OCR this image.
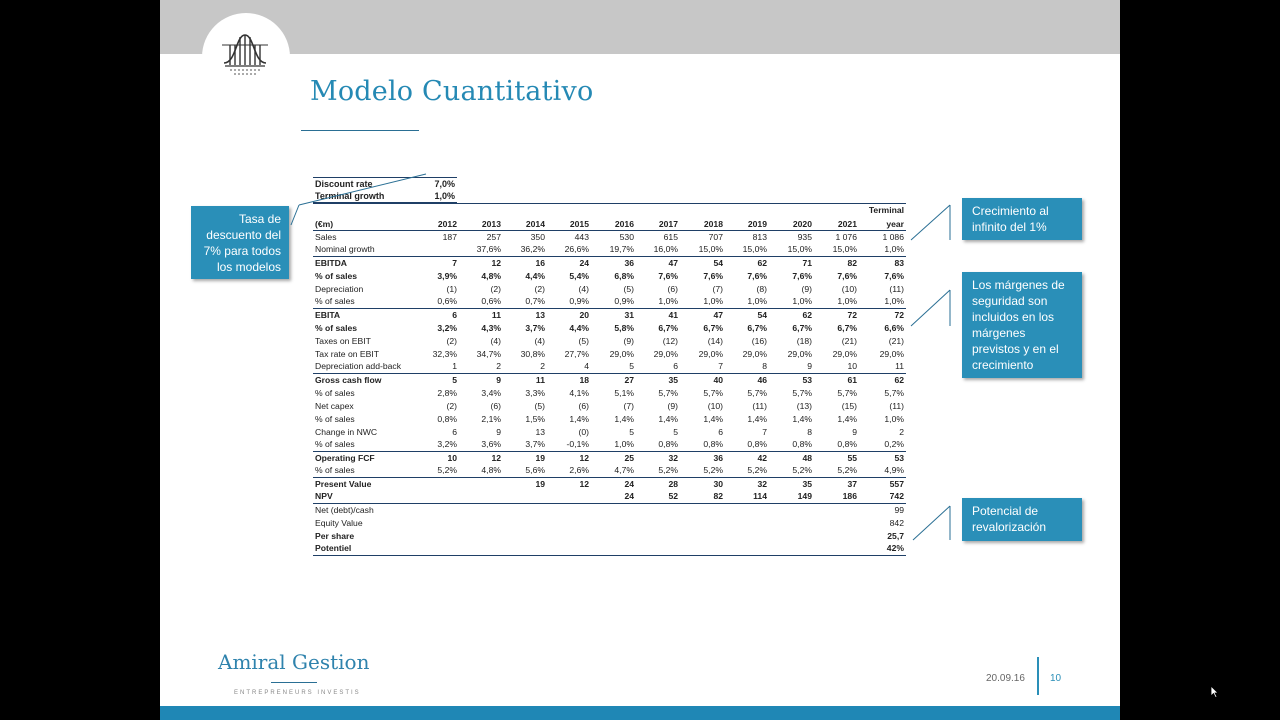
Modelo Cuantitativo
Discount rate	7,0%
Terminal growth	1,0%
											Terminal
(€m)	2012	2013	2014	2015	2016	2017	2018	2019	2020	2021	year
Sales	187	257	350	443	530	615	707	813	935	1 076	1 086
Nominal growth		37,6%	36,2%	26,6%	19,7%	16,0%	15,0%	15,0%	15,0%	15,0%	1,0%
EBITDA	7	12	16	24	36	47	54	62	71	82	83
% of sales	3,9%	4,8%	4,4%	5,4%	6,8%	7,6%	7,6%	7,6%	7,6%	7,6%	7,6%
Depreciation	(1)	(2)	(2)	(4)	(5)	(6)	(7)	(8)	(9)	(10)	(11)
% of sales	0,6%	0,6%	0,7%	0,9%	0,9%	1,0%	1,0%	1,0%	1,0%	1,0%	1,0%
EBITA	6	11	13	20	31	41	47	54	62	72	72
% of sales	3,2%	4,3%	3,7%	4,4%	5,8%	6,7%	6,7%	6,7%	6,7%	6,7%	6,6%
Taxes on EBIT	(2)	(4)	(4)	(5)	(9)	(12)	(14)	(16)	(18)	(21)	(21)
Tax rate on EBIT	32,3%	34,7%	30,8%	27,7%	29,0%	29,0%	29,0%	29,0%	29,0%	29,0%	29,0%
Depreciation add-back	1	2	2	4	5	6	7	8	9	10	11
Gross cash flow	5	9	11	18	27	35	40	46	53	61	62
% of sales	2,8%	3,4%	3,3%	4,1%	5,1%	5,7%	5,7%	5,7%	5,7%	5,7%	5,7%
Net capex	(2)	(6)	(5)	(6)	(7)	(9)	(10)	(11)	(13)	(15)	(11)
% of sales	0,8%	2,1%	1,5%	1,4%	1,4%	1,4%	1,4%	1,4%	1,4%	1,4%	1,0%
Change in NWC	6	9	13	(0)	5	5	6	7	8	9	2
% of sales	3,2%	3,6%	3,7%	-0,1%	1,0%	0,8%	0,8%	0,8%	0,8%	0,8%	0,2%
Operating FCF	10	12	19	12	25	32	36	42	48	55	53
% of sales	5,2%	4,8%	5,6%	2,6%	4,7%	5,2%	5,2%	5,2%	5,2%	5,2%	4,9%
Present Value			19	12	24	28	30	32	35	37	557
NPV					24	52	82	114	149	186	742
Net (debt)/cash											99
Equity Value											842
Per share											25,7
Potentiel											42%
Tasa de descuento del 7% para todos los modelos
Crecimiento al infinito del 1%
Los márgenes de seguridad son incluidos en los márgenes previstos y en el crecimiento
Potencial de revalorización
Amiral Gestion
ENTREPRENEURS INVESTIS
20.09.16	10
